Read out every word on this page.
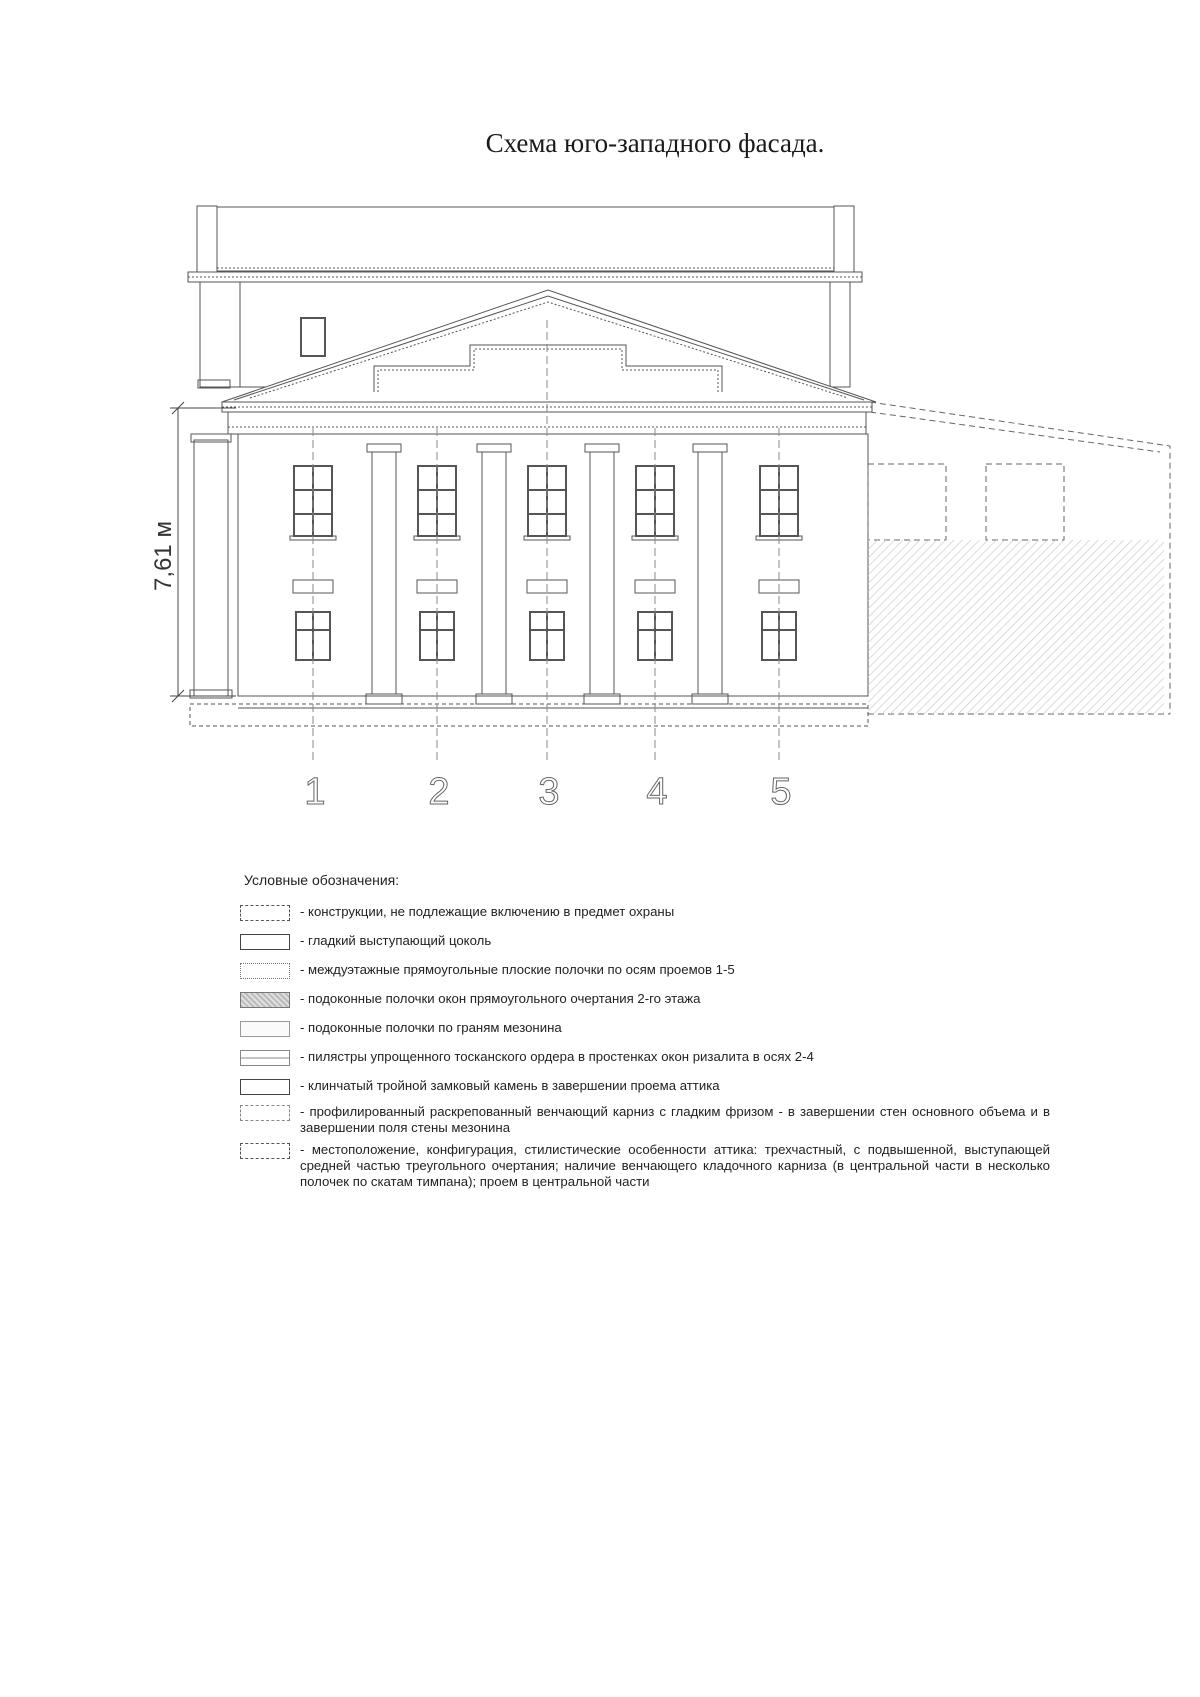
Схема юго-западного фасада.
7,61 м
1	2 3 4	5
Условные обозначения:
- конструкции, не подлежащие включению в предмет охраны
- гладкий выступающий цоколь
- междуэтажные прямоугольные плоские полочки по осям проемов 1-5
- подоконные полочки окон прямоугольного очертания 2-го этажа
- подоконные полочки по граням мезонина
- пилястры упрощенного тосканского ордера в простенках окон ризалита в осях 2-4
- клинчатый тройной замковый камень в завершении проема аттика
- профилированный раскрепованный венчающий карниз с гладким фризом - в завершении стен основного объема и в завершении поля стены мезонина
- местоположение, конфигурация, стилистические особенности аттика: трехчастный, с подвышенной, выступающей средней частью треугольного очертания; наличие венчающего кладочного карниза (в центральной части в несколько полочек по скатам тимпана); проем в центральной части
